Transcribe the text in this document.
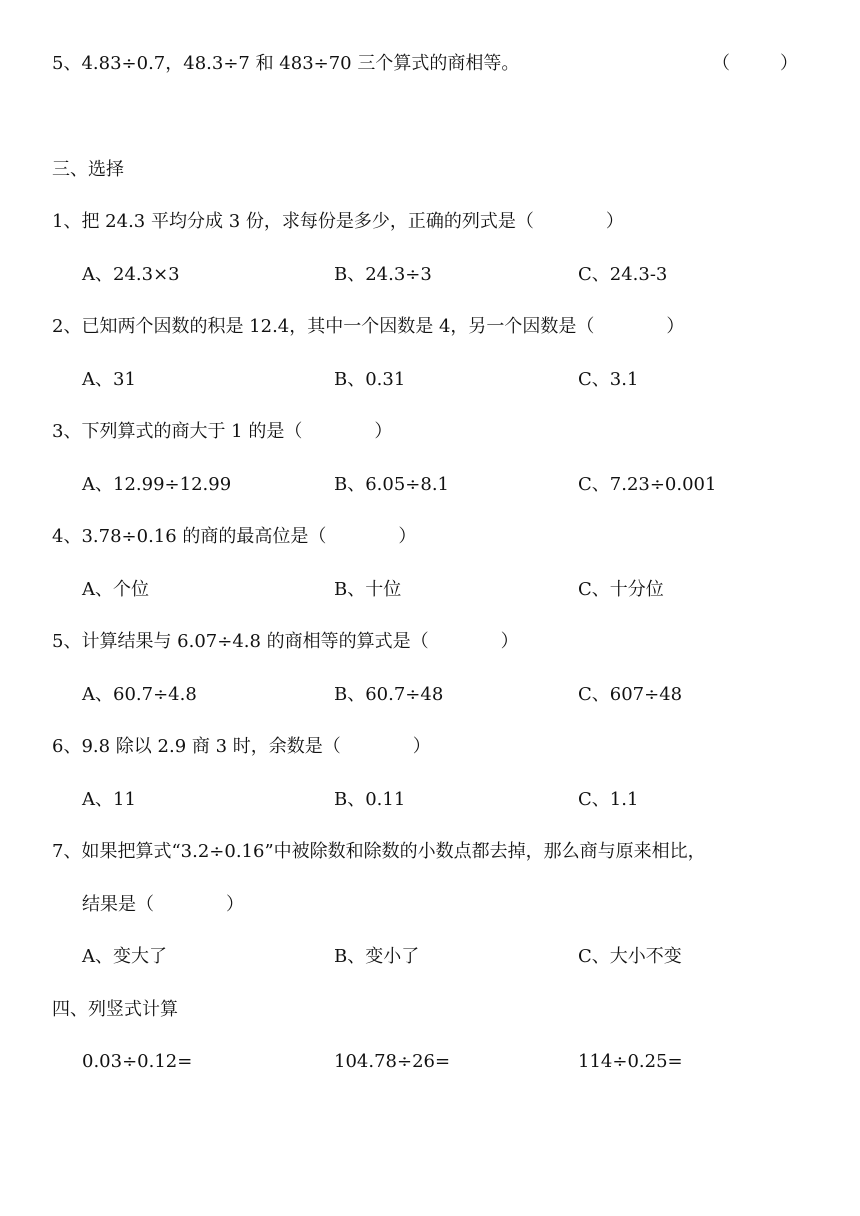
5、4.83÷0.7，48.3÷7 和 483÷70 三个算式的商相等。	（	）
三、选择
1、把 24.3 平均分成 3 份，求每份是多少，正确的列式是（　　　　）
A、24.3×3	B、24.3÷3	C、24.3-3
2、已知两个因数的积是 12.4，其中一个因数是 4，另一个因数是（　　　　）
A、31	B、0.31	C、3.1
3、下列算式的商大于 1 的是（　　　　）
A、12.99÷12.99	B、6.05÷8.1	C、7.23÷0.001
4、3.78÷0.16 的商的最高位是（　　　　）
A、个位	B、十位	C、十分位
5、计算结果与 6.07÷4.8 的商相等的算式是（　　　　）
A、60.7÷4.8	B、60.7÷48	C、607÷48
6、9.8 除以 2.9 商 3 时，余数是（　　　　）
A、11	B、0.11	C、1.1
7、如果把算式“3.2÷0.16”中被除数和除数的小数点都去掉，那么商与原来相比，
结果是（　　　　）
A、变大了	B、变小了	C、大小不变
四、列竖式计算
0.03÷0.12=	104.78÷26=	114÷0.25=
